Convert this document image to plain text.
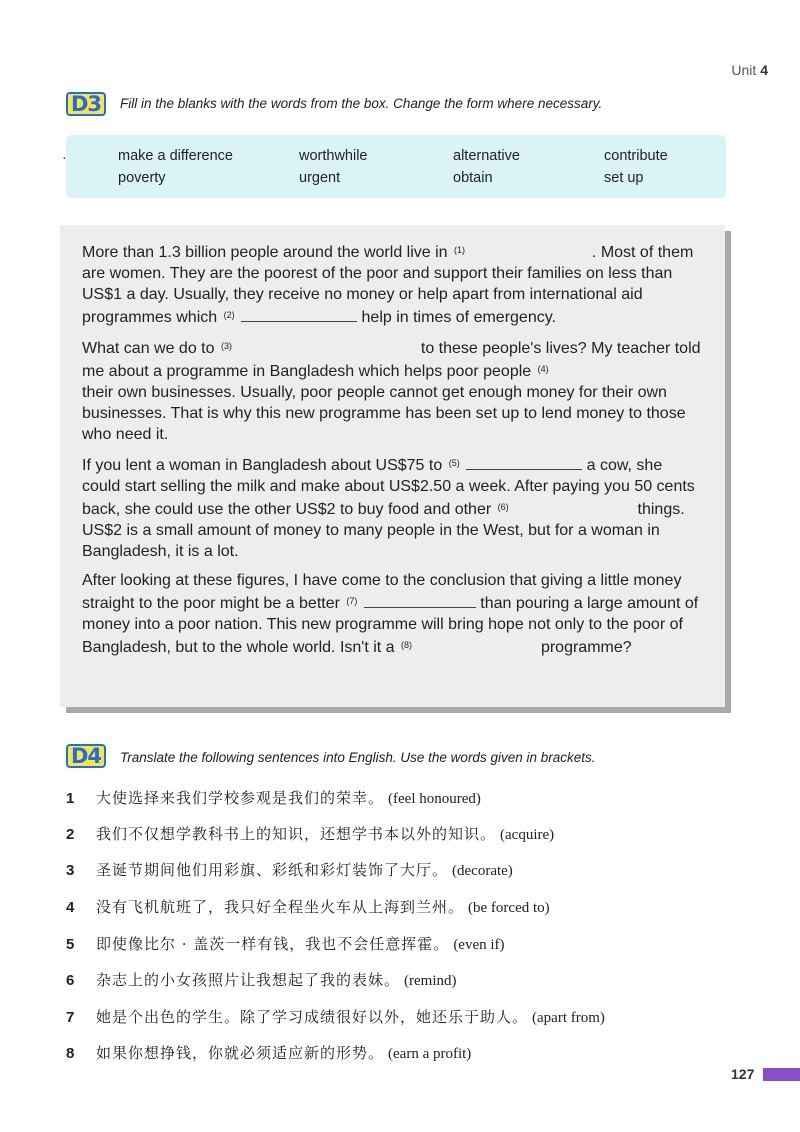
Unit 4
D3	Fill in the blanks with the words from the box. Change the form where necessary.
·	make a difference	worthwhile	alternative	contribute
poverty	urgent	obtain	set up

More than 1.3 billion people around the world live in $^{(1)}$	. Most of them are women. They are the poorest of the poor and support their families on less than US$1 a day. Usually, they receive no money or help apart from international aid programmes which $^{(2)}$	help in times of emergency.

What can we do to $^{(3)}$	to these people's lives? My teacher told me about a programme in Bangladesh which helps poor people $^{(4)}$  their own businesses. Usually, poor people cannot get enough money for their own businesses. That is why this new programme has been set up to lend money to those who need it.

If you lent a woman in Bangladesh about US$75 to $^{(5)}$	a cow, she could start selling the milk and make about US$2.50 a week. After paying you 50 cents back, she could use the other US$2 to buy food and other $^{(6)}$	things. US$2 is a small amount of money to many people in the West, but for a woman in Bangladesh, it is a lot.

After looking at these figures, I have come to the conclusion that giving a little money straight to the poor might be a better $^{(7)}$	than pouring a large amount of money into a poor nation. This new programme will bring hope not only to the poor of Bangladesh, but to the whole world. Isn't it a $^{(8)}$	programme?

D4	Translate the following sentences into English. Use the words given in brackets.
1 大使选择来我们学校参观是我们的荣幸。 (feel honoured)
2 我们不仅想学教科书上的知识，还想学书本以外的知识。 (acquire)
3 圣诞节期间他们用彩旗、彩纸和彩灯装饰了大厅。 (decorate)
4 没有飞机航班了，我只好全程坐火车从上海到兰州。 (be forced to)
5 即使像比尔 · 盖茨一样有钱，我也不会任意挥霍。 (even if)
6 杂志上的小女孩照片让我想起了我的表妹。 (remind)
7 她是个出色的学生。除了学习成绩很好以外，她还乐于助人。 (apart from)
8 如果你想挣钱，你就必须适应新的形势。 (earn a profit)
127
